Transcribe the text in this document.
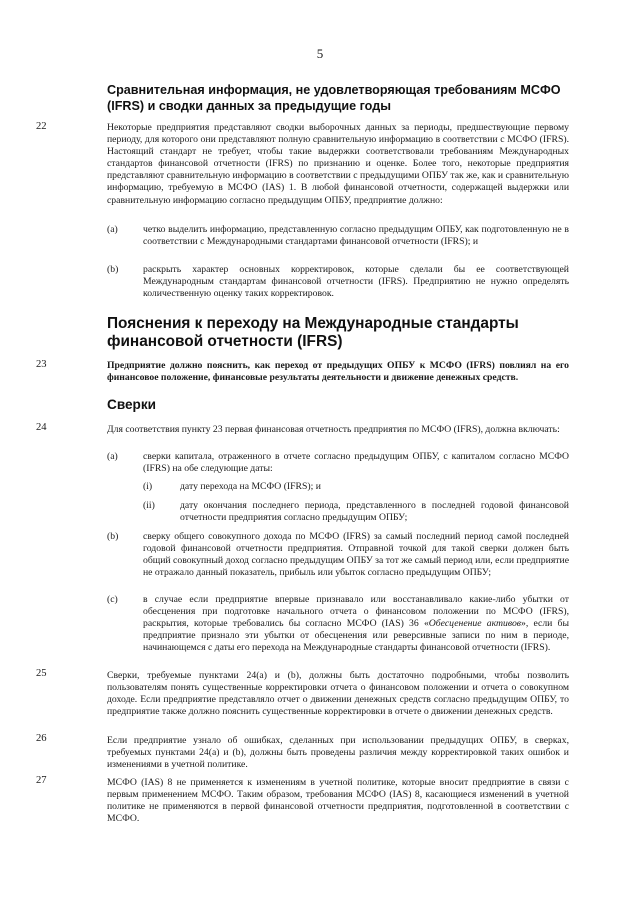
5
Сравнительная информация, не удовлетворяющая требованиям МСФО (IFRS) и сводки данных за предыдущие годы
22	Некоторые предприятия представляют сводки выборочных данных за периоды, предшествующие первому периоду, для которого они представляют полную сравнительную информацию в соответствии с МСФО (IFRS). Настоящий стандарт не требует, чтобы такие выдержки соответствовали требованиям Международных стандартов финансовой отчетности (IFRS) по признанию и оценке. Более того, некоторые предприятия представляют сравнительную информацию в соответствии с предыдущими ОПБУ так же, как и сравнительную информацию, требуемую в МСФО (IAS) 1. В любой финансовой отчетности, содержащей выдержки или сравнительную информацию согласно предыдущим ОПБУ, предприятие должно:
(a)	четко выделить информацию, представленную согласно предыдущим ОПБУ, как подготовленную не в соответствии с Международными стандартами финансовой отчетности (IFRS); и
(b)	раскрыть характер основных корректировок, которые сделали бы ее соответствующей Международным стандартам финансовой отчетности (IFRS). Предприятию не нужно определять количественную оценку таких корректировок.
Пояснения к переходу на Международные стандарты финансовой отчетности (IFRS)
23	Предприятие должно пояснить, как переход от предыдущих ОПБУ к МСФО (IFRS) повлиял на его финансовое положение, финансовые результаты деятельности и движение денежных средств.
Сверки
24	Для соответствия пункту 23 первая финансовая отчетность предприятия по МСФО (IFRS), должна включать:
(a)	сверки капитала, отраженного в отчете согласно предыдущим ОПБУ, с капиталом согласно МСФО (IFRS) на обе следующие даты:
(i)	дату перехода на МСФО (IFRS); и
(ii)	дату окончания последнего периода, представленного в последней годовой финансовой отчетности предприятия согласно предыдущим ОПБУ;
(b)	сверку общего совокупного дохода по МСФО (IFRS) за самый последний период самой последней годовой финансовой отчетности предприятия. Отправной точкой для такой сверки должен быть общий совокупный доход согласно предыдущим ОПБУ за тот же самый период или, если предприятие не отражало данный показатель, прибыль или убыток согласно предыдущим ОПБУ;
(c)	в случае если предприятие впервые признавало или восстанавливало какие-либо убытки от обесценения при подготовке начального отчета о финансовом положении по МСФО (IFRS), раскрытия, которые требовались бы согласно МСФО (IAS) 36 «Обесценение активов», если бы предприятие признало эти убытки от обесценения или реверсивные записи по ним в периоде, начинающемся с даты его перехода на Международные стандарты финансовой отчетности (IFRS).
25	Сверки, требуемые пунктами 24(a) и (b), должны быть достаточно подробными, чтобы позволить пользователям понять существенные корректировки отчета о финансовом положении и отчета о совокупном доходе. Если предприятие представляло отчет о движении денежных средств согласно предыдущим ОПБУ, то предприятие также должно пояснить существенные корректировки в отчете о движении денежных средств.
26	Если предприятие узнало об ошибках, сделанных при использовании предыдущих ОПБУ, в сверках, требуемых пунктами 24(a) и (b), должны быть проведены различия между корректировкой таких ошибок и изменениями в учетной политике.
27	МСФО (IAS) 8 не применяется к изменениям в учетной политике, которые вносит предприятие в связи с первым применением МСФО. Таким образом, требования МСФО (IAS) 8, касающиеся изменений в учетной политике не применяются в первой финансовой отчетности предприятия, подготовленной в соответствии с МСФО.
